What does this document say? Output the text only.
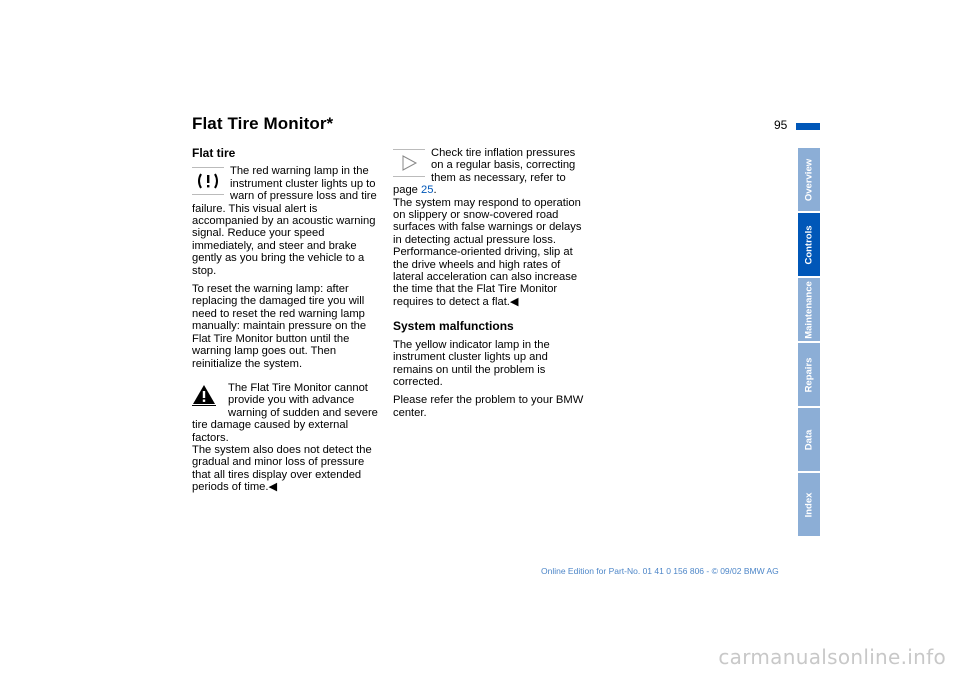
Flat Tire Monitor*	95
Flat tire

The red warning lamp in the instrument cluster lights up to warn of pressure loss and tire failure. This visual alert is accompanied by an acoustic warning signal. Reduce your speed immediately, and steer and brake gently as you bring the vehicle to a stop.

To reset the warning lamp: after replacing the damaged tire you will need to reset the red warning lamp manually: maintain pressure on the Flat Tire Monitor button until the warning lamp goes out. Then reinitialize the system.

The Flat Tire Monitor cannot provide you with advance warning of sudden and severe tire damage caused by external factors.

The system also does not detect the gradual and minor loss of pressure that all tires display over extended periods of time.◀

Check tire inflation pressures on a regular basis, correcting them as necessary, refer to page 25.

The system may respond to operation on slippery or snow-covered road surfaces with false warnings or delays in detecting actual pressure loss.

Performance-oriented driving, slip at the drive wheels and high rates of lateral acceleration can also increase the time that the Flat Tire Monitor requires to detect a flat.◀

System malfunctions

The yellow indicator lamp in the instrument cluster lights up and remains on until the problem is corrected.

Please refer the problem to your BMW center.

Overview
Controls
Maintenance
Repairs
Data
Index
Online Edition for Part-No. 01 41 0 156 806 - © 09/02 BMW AG
carmanualsonline.info
